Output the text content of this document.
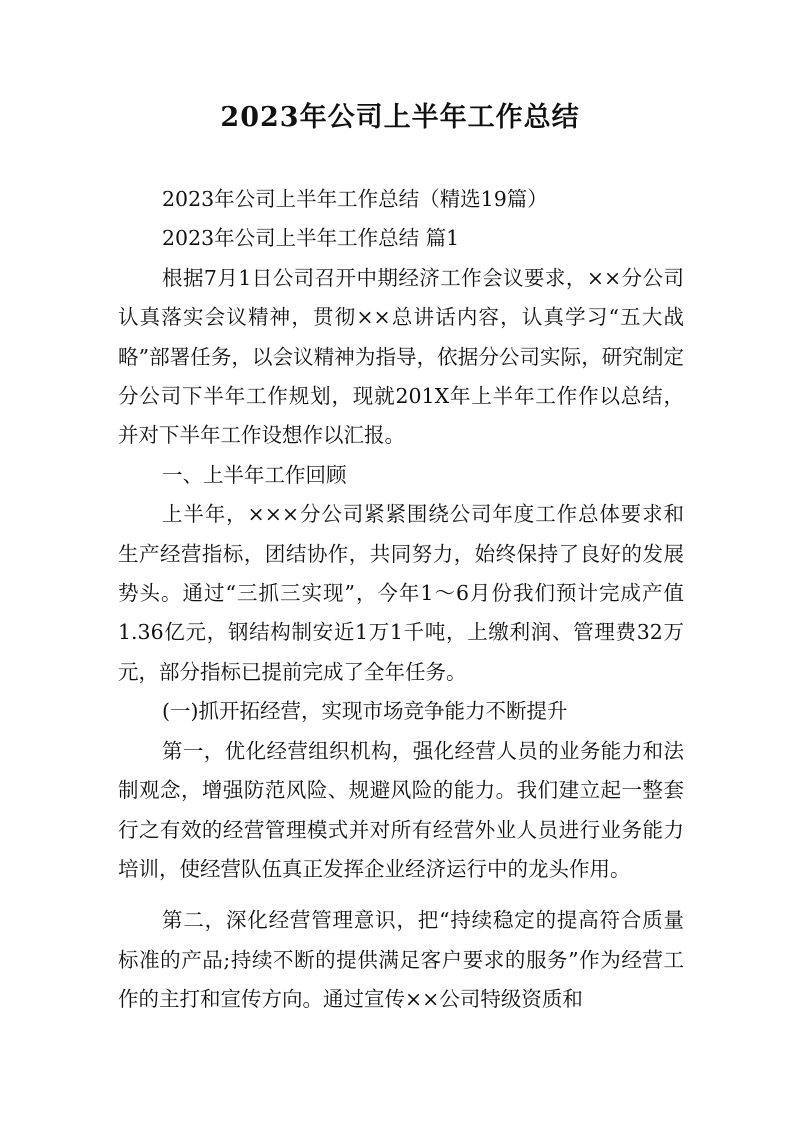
2023年公司上半年工作总结

2023年公司上半年工作总结（精选19篇）

2023年公司上半年工作总结 篇1

根据7月1日公司召开中期经济工作会议要求，××分公司认真落实会议精神，贯彻××总讲话内容，认真学习“五大战略”部署任务，以会议精神为指导，依据分公司实际，研究制定分公司下半年工作规划，现就201X年上半年工作作以总结，并对下半年工作设想作以汇报。

一、上半年工作回顾

上半年，×××分公司紧紧围绕公司年度工作总体要求和生产经营指标，团结协作，共同努力，始终保持了良好的发展势头。通过“三抓三实现”，今年1～6月份我们预计完成产值1.36亿元，钢结构制安近1万1千吨，上缴利润、管理费32万元，部分指标已提前完成了全年任务。

(一)抓开拓经营，实现市场竞争能力不断提升

第一，优化经营组织机构，强化经营人员的业务能力和法制观念，增强防范风险、规避风险的能力。我们建立起一整套行之有效的经营管理模式并对所有经营外业人员进行业务能力培训，使经营队伍真正发挥企业经济运行中的龙头作用。

第二，深化经营管理意识，把“持续稳定的提高符合质量标准的产品;持续不断的提供满足客户要求的服务”作为经营工作的主打和宣传方向。通过宣传××公司特级资质和
